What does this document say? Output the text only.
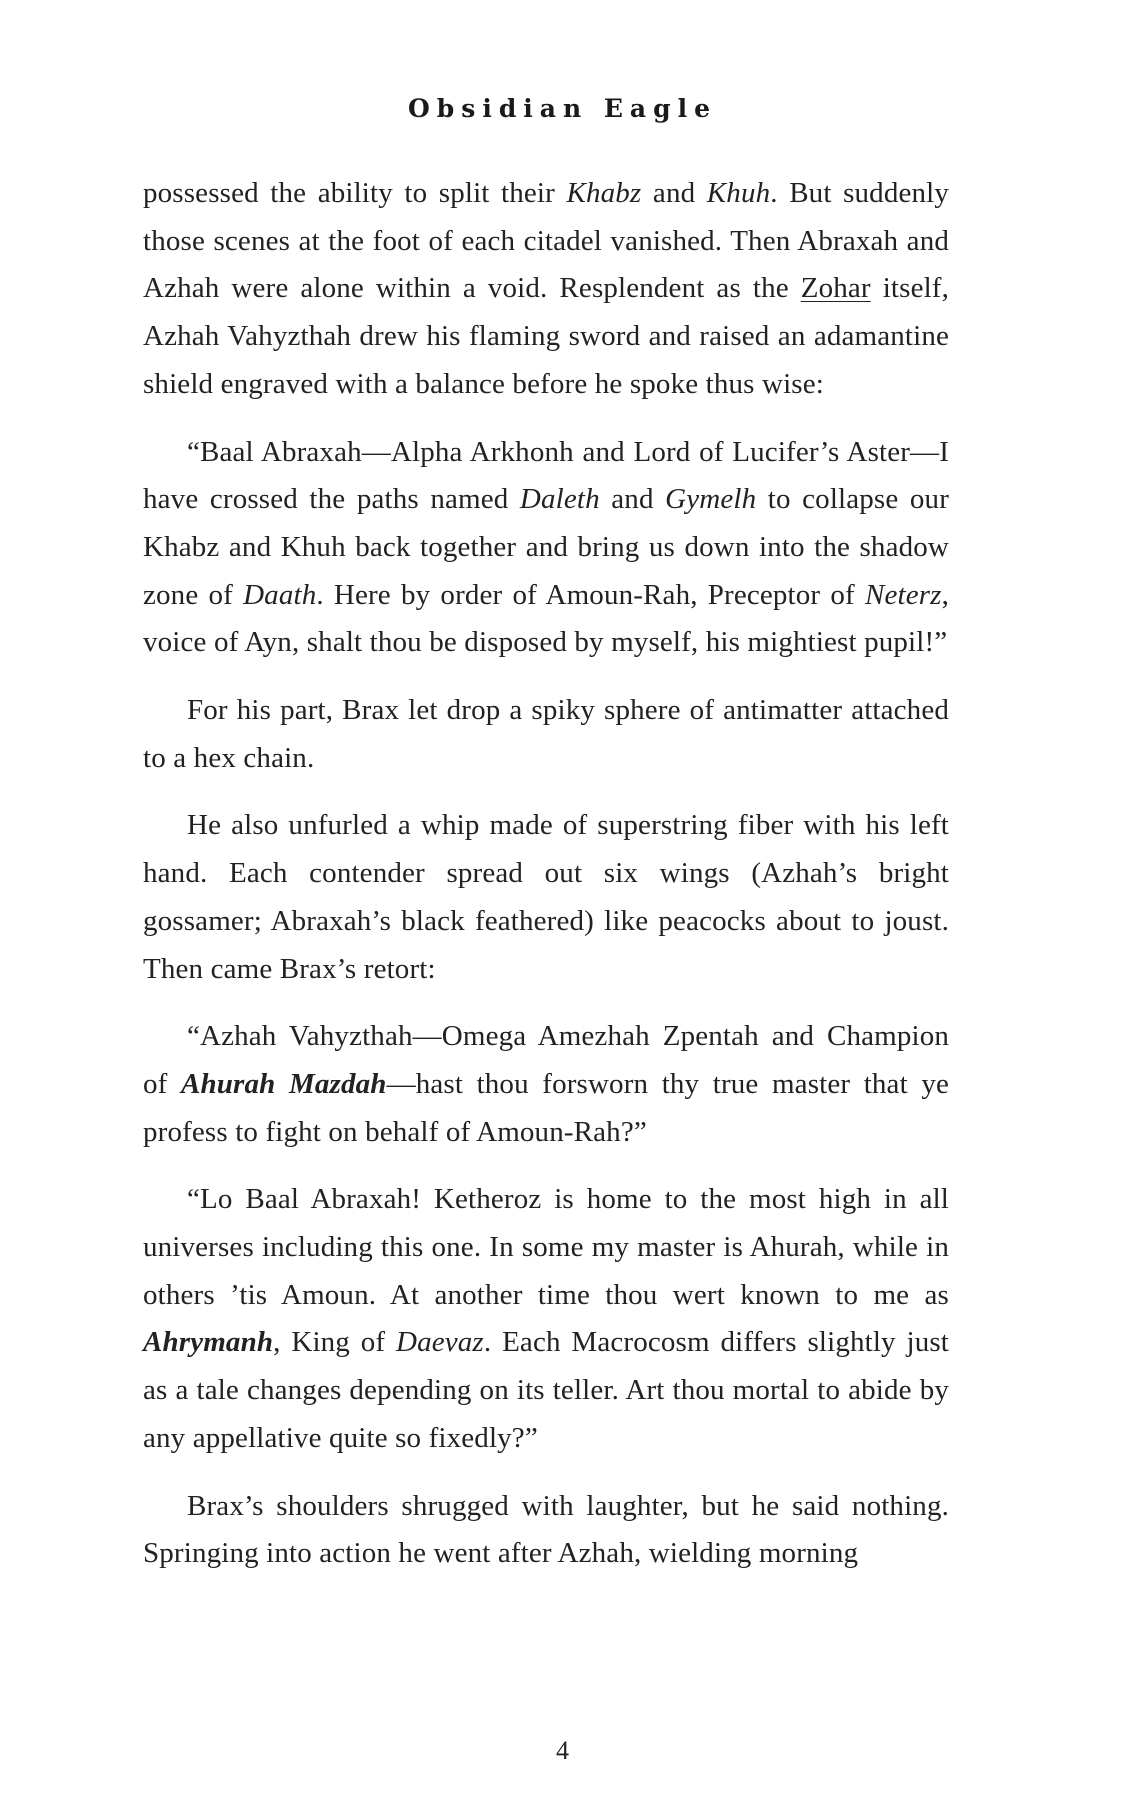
Obsidian Eagle

possessed the ability to split their Khabz and Khuh. But suddenly those scenes at the foot of each citadel vanished. Then Abraxah and Azhah were alone within a void. Resplendent as the Zohar itself, Azhah Vahyzthah drew his flaming sword and raised an adamantine shield engraved with a balance before he spoke thus wise:

“Baal Abraxah—Alpha Arkhonh and Lord of Lucifer’s Aster—I have crossed the paths named Daleth and Gymelh to collapse our Khabz and Khuh back together and bring us down into the shadow zone of Daath. Here by order of Amoun-Rah, Preceptor of Neterz, voice of Ayn, shalt thou be disposed by myself, his mightiest pupil!”

For his part, Brax let drop a spiky sphere of antimatter attached to a hex chain.

He also unfurled a whip made of superstring fiber with his left hand. Each contender spread out six wings (Azhah’s bright gossamer; Abraxah’s black feathered) like peacocks about to joust. Then came Brax’s retort:

“Azhah Vahyzthah—Omega Amezhah Zpentah and Champion of Ahurah Mazdah—hast thou forsworn thy true master that ye profess to fight on behalf of Amoun-Rah?”

“Lo Baal Abraxah! Ketheroz is home to the most high in all universes including this one. In some my master is Ahurah, while in others ’tis Amoun. At another time thou wert known to me as Ahrymanh, King of Daevaz. Each Macrocosm differs slightly just as a tale changes depending on its teller. Art thou mortal to abide by any appellative quite so fixedly?”

Brax’s shoulders shrugged with laughter, but he said nothing. Springing into action he went after Azhah, wielding morning

4
